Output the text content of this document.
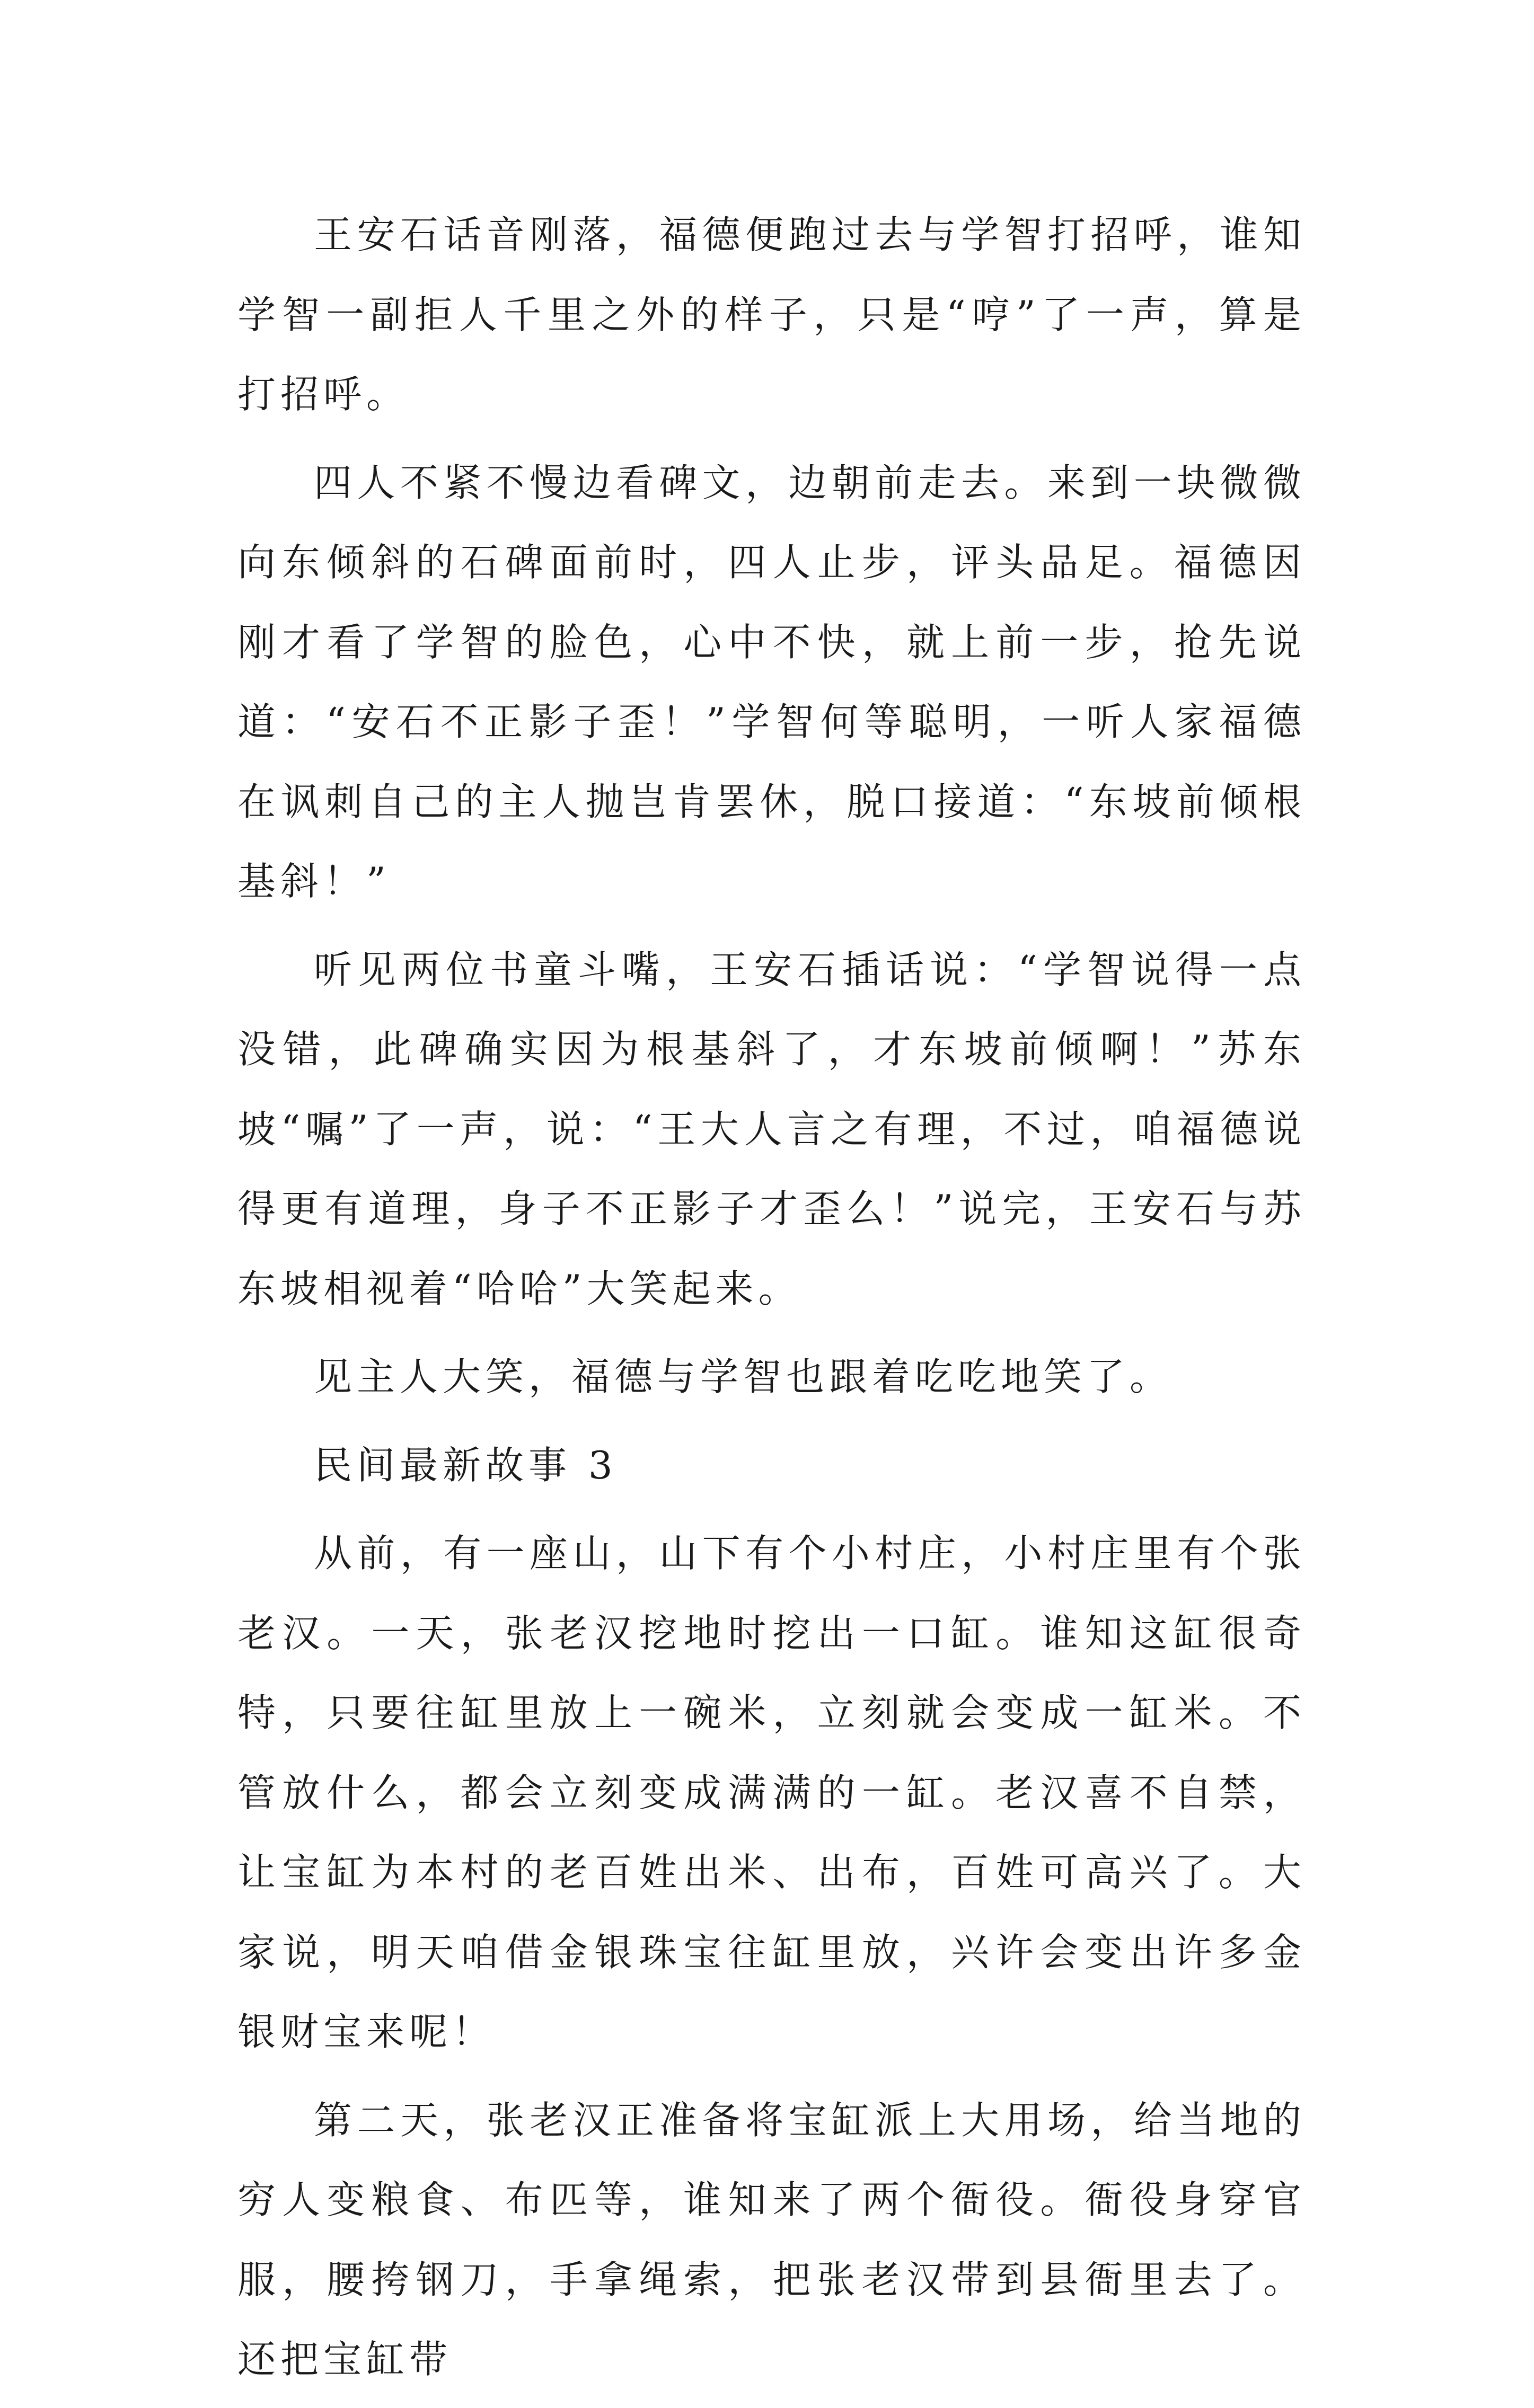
王安石话音刚落，福德便跑过去与学智打招呼，谁知学智一副拒人千里之外的样子，只是“哼”了一声，算是打招呼。

四人不紧不慢边看碑文，边朝前走去。来到一块微微向东倾斜的石碑面前时，四人止步，评头品足。福德因刚才看了学智的脸色，心中不快，就上前一步，抢先说道：“安石不正影子歪！”学智何等聪明，一听人家福德在讽刺自己的主人抛岂肯罢休，脱口接道：“东坡前倾根基斜！”

听见两位书童斗嘴，王安石插话说：“学智说得一点没错，此碑确实因为根基斜了，才东坡前倾啊！”苏东坡“嘱”了一声，说：“王大人言之有理，不过，咱福德说得更有道理，身子不正影子才歪么！”说完，王安石与苏东坡相视着“哈哈”大笑起来。

见主人大笑，福德与学智也跟着吃吃地笑了。

民间最新故事 3

从前，有一座山，山下有个小村庄，小村庄里有个张老汉。一天，张老汉挖地时挖出一口缸。谁知这缸很奇特，只要往缸里放上一碗米，立刻就会变成一缸米。不管放什么，都会立刻变成满满的一缸。老汉喜不自禁，让宝缸为本村的老百姓出米、出布，百姓可高兴了。大家说，明天咱借金银珠宝往缸里放，兴许会变出许多金银财宝来呢！

第二天，张老汉正准备将宝缸派上大用场，给当地的穷人变粮食、布匹等，谁知来了两个衙役。衙役身穿官服，腰挎钢刀，手拿绳索，把张老汉带到县衙里去了。还把宝缸带
